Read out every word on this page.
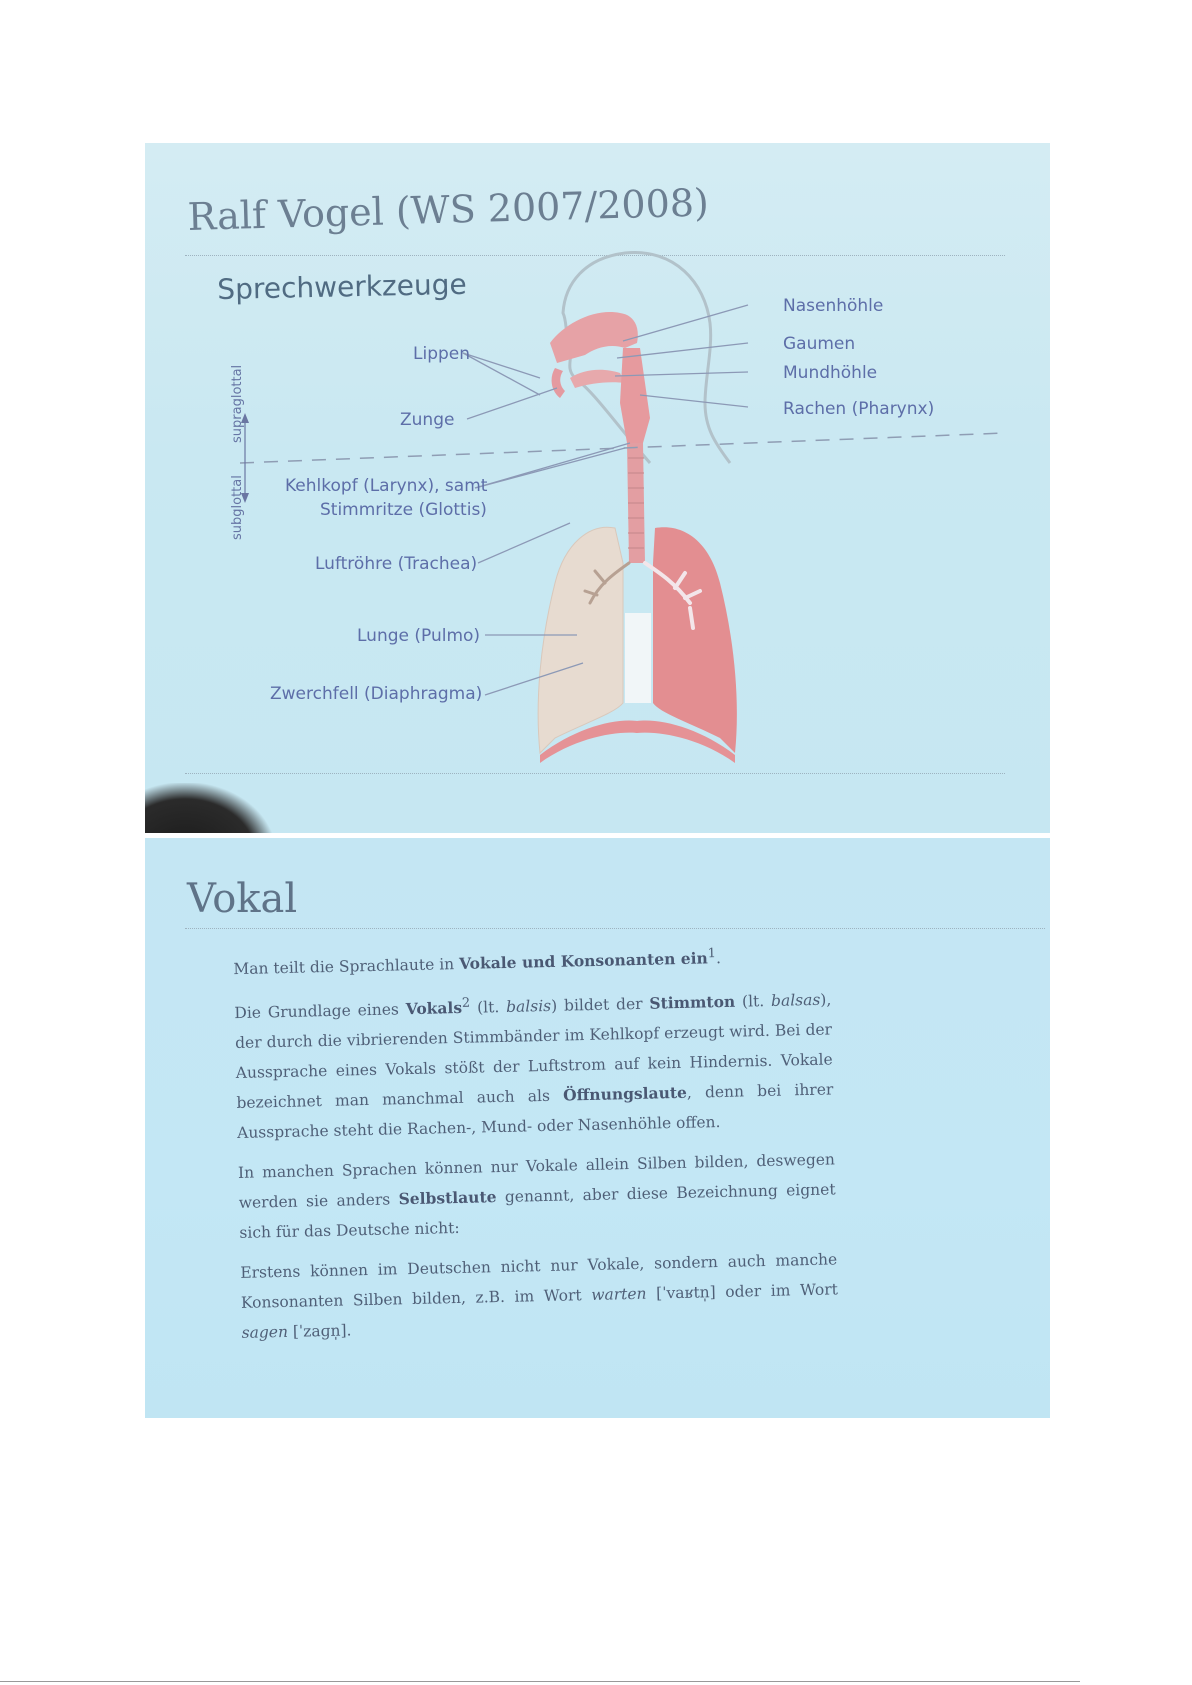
Ralf Vogel (WS 2007/2008)
Sprechwerkzeuge
supraglottal
subglottal
Lippen
Zunge
Kehlkopf (Larynx), samt
Stimmritze (Glottis)
Luftröhre (Trachea)
Lunge (Pulmo)
Zwerchfell (Diaphragma)
Nasenhöhle
Gaumen
Mundhöhle
Rachen (Pharynx)
Vokal

Man teilt die Sprachlaute in Vokale und Konsonanten ein$^1$.

Die Grundlage eines Vokals$^2$ (lt. balsis) bildet der Stimmton (lt. balsas), der durch die vibrierenden Stimmbänder im Kehlkopf erzeugt wird. Bei der Aussprache eines Vokals stößt der Luftstrom auf kein Hindernis. Vokale bezeichnet man manchmal auch als Öffnungslaute, denn bei ihrer Aussprache steht die Rachen-, Mund- oder Nasenhöhle offen.

In manchen Sprachen können nur Vokale allein Silben bilden, deswegen werden sie anders Selbstlaute genannt, aber diese Bezeichnung eignet sich für das Deutsche nicht:

Erstens können im Deutschen nicht nur Vokale, sondern auch manche Konsonanten Silben bilden, z.B. im Wort warten [ˈvaʁtn̩] oder im Wort sagen [ˈzaɡn̩].
